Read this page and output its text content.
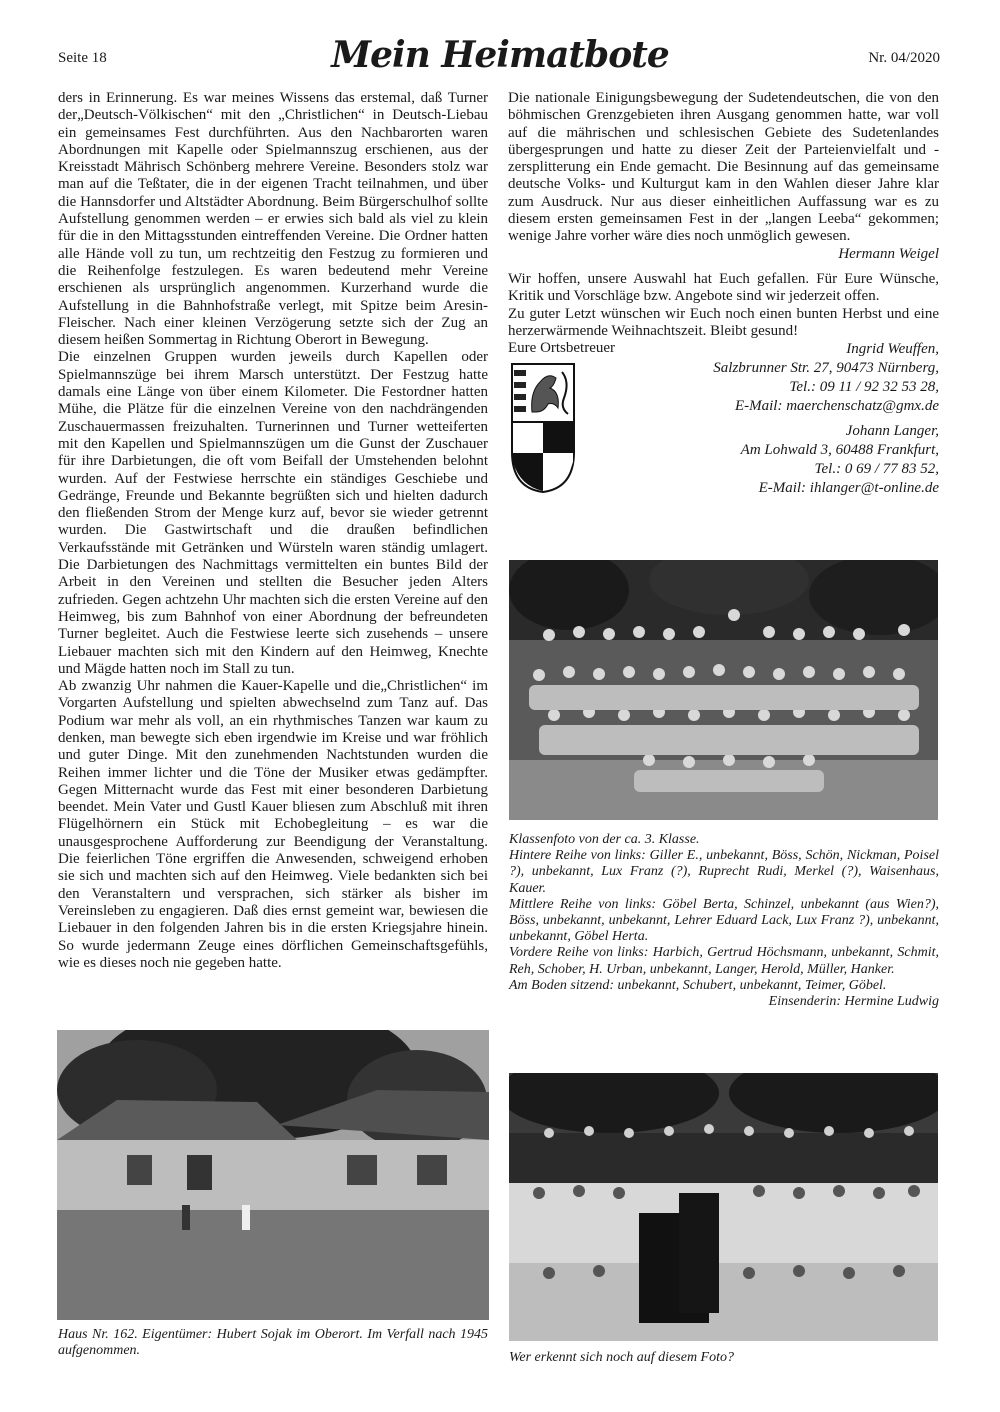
Seite 18	Mein Heimatbote	Nr. 04/2020

ders in Erinnerung. Es war meines Wissens das erstemal, daß Turner der„Deutsch-Völkischen“ mit den „Christlichen“ in Deutsch-Liebau ein gemeinsames Fest durchführten. Aus den Nachbarorten waren Abordnungen mit Kapelle oder Spielmannszug erschienen, aus der Kreisstadt Mährisch Schönberg mehrere Vereine. Besonders stolz war man auf die Teßtater, die in der eigenen Tracht teilnahmen, und über die Hannsdorfer und Altstädter Abordnung. Beim Bürgerschulhof sollte Aufstellung genommen werden – er erwies sich bald als viel zu klein für die in den Mittagsstunden eintreffenden Vereine. Die Ordner hatten alle Hände voll zu tun, um rechtzeitig den Festzug zu formieren und die Reihenfolge festzulegen. Es waren bedeutend mehr Vereine erschienen als ursprünglich angenommen. Kurzerhand wurde die Aufstellung in die Bahnhofstraße verlegt, mit Spitze beim Aresin-Fleischer. Nach einer kleinen Verzögerung setzte sich der Zug an diesem heißen Sommertag in Richtung Oberort in Bewegung.

Die einzelnen Gruppen wurden jeweils durch Kapellen oder Spielmannszüge bei ihrem Marsch unterstützt. Der Festzug hatte damals eine Länge von über einem Kilometer. Die Festordner hatten Mühe, die Plätze für die einzelnen Vereine von den nachdrängenden Zuschauermassen freizuhalten. Turnerinnen und Turner wetteiferten mit den Kapellen und Spielmannszügen um die Gunst der Zuschauer für ihre Darbietungen, die oft vom Beifall der Umstehenden belohnt wurden. Auf der Festwiese herrschte ein ständiges Geschiebe und Gedränge, Freunde und Bekannte begrüßten sich und hielten dadurch den fließenden Strom der Menge kurz auf, bevor sie wieder getrennt wurden. Die Gastwirtschaft und die draußen befindlichen Verkaufsstände mit Getränken und Würsteln waren ständig umlagert. Die Darbietungen des Nachmittags vermittelten ein buntes Bild der Arbeit in den Vereinen und stellten die Besucher jeden Alters zufrieden. Gegen achtzehn Uhr machten sich die ersten Vereine auf den Heimweg, bis zum Bahnhof von einer Abordnung der befreundeten Turner begleitet. Auch die Festwiese leerte sich zusehends – unsere Liebauer machten sich mit den Kindern auf den Heimweg, Knechte und Mägde hatten noch im Stall zu tun.

Ab zwanzig Uhr nahmen die Kauer-Kapelle und die„Christlichen“ im Vorgarten Aufstellung und spielten abwechselnd zum Tanz auf. Das Podium war mehr als voll, an ein rhythmisches Tanzen war kaum zu denken, man bewegte sich eben irgendwie im Kreise und war fröhlich und guter Dinge. Mit den zunehmenden Nachtstunden wurden die Reihen immer lichter und die Töne der Musiker etwas gedämpfter. Gegen Mitternacht wurde das Fest mit einer besonderen Darbietung beendet. Mein Vater und Gustl Kauer bliesen zum Abschluß mit ihren Flügelhörnern ein Stück mit Echobegleitung – es war die unausgesprochene Aufforderung zur Beendigung der Veranstaltung. Die feierlichen Töne ergriffen die Anwesenden, schweigend erhoben sie sich und machten sich auf den Heimweg. Viele bedankten sich bei den Veranstaltern und versprachen, sich stärker als bisher im Vereinsleben zu engagieren. Daß dies ernst gemeint war, bewiesen die Liebauer in den folgenden Jahren bis in die ersten Kriegsjahre hinein. So wurde jedermann Zeuge eines dörflichen Gemeinschaftsgefühls, wie es dieses noch nie gegeben hatte.

Die nationale Einigungsbewegung der Sudetendeutschen, die von den böhmischen Grenzgebieten ihren Ausgang genommen hatte, war voll auf die mährischen und schlesischen Gebiete des Sudetenlandes übergesprungen und hatte zu dieser Zeit der Parteienvielfalt und -zersplitterung ein Ende gemacht. Die Besinnung auf das gemeinsame deutsche Volks- und Kulturgut kam in den Wahlen dieser Jahre klar zum Ausdruck. Nur aus dieser einheitlichen Auffassung war es zu diesem ersten gemeinsamen Fest in der „langen Leeba“ gekommen; wenige Jahre vorher wäre dies noch unmöglich gewesen.

Hermann Weigel

Wir hoffen, unsere Auswahl hat Euch gefallen. Für Eure Wünsche, Kritik und Vorschläge bzw. Angebote sind wir jederzeit offen.

Zu guter Letzt wünschen wir Euch noch einen bunten Herbst und eine herzerwärmende Weihnachtszeit. Bleibt gesund!

Eure Ortsbetreuer	Ingrid Weuffen,
Salzbrunner Str. 27, 90473 Nürnberg,
Tel.: 09 11 / 92 32 53 28,
E-Mail: maerchenschatz@gmx.de
Johann Langer,
Am Lohwald 3, 60488 Frankfurt,
Tel.: 0 69 / 77 83 52,
E-Mail: ihlanger@t-online.de

Klassenfoto von der ca. 3. Klasse.

Hintere Reihe von links: Giller E., unbekannt, Böss, Schön, Nickman, Poisel ?), unbekannt, Lux Franz (?), Ruprecht Rudi, Merkel (?), Waisenhaus, Kauer.

Mittlere Reihe von links: Göbel Berta, Schinzel, unbekannt (aus Wien?), Böss, unbekannt, unbekannt, Lehrer Eduard Lack, Lux Franz ?), unbekannt, unbekannt, Göbel Herta.

Vordere Reihe von links: Harbich, Gertrud Höchsmann, unbekannt, Schmit, Reh, Schober, H. Urban, unbekannt, Langer, Herold, Müller, Hanker.

Am Boden sitzend: unbekannt, Schubert, unbekannt, Teimer, Göbel.

Einsenderin: Hermine Ludwig

Haus Nr. 162. Eigentümer: Hubert Sojak im Oberort. Im Verfall nach 1945 aufgenommen.	Wer erkennt sich noch auf diesem Foto?
